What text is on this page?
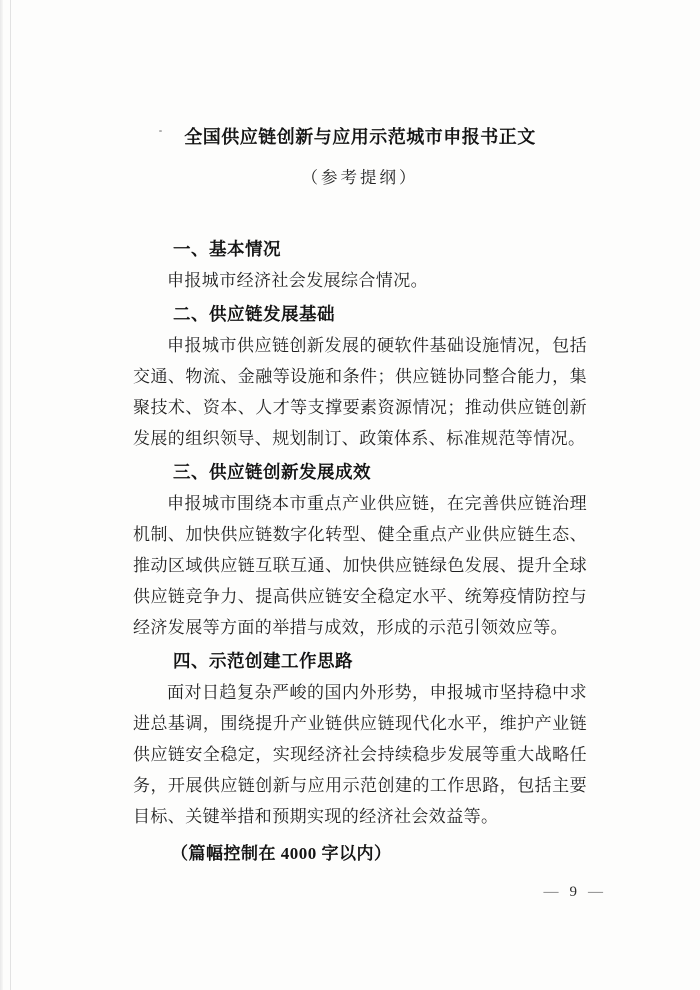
全国供应链创新与应用示范城市申报书正文
（参考提纲）
一、基本情况

申报城市经济社会发展综合情况。

二、供应链发展基础

申报城市供应链创新发展的硬软件基础设施情况，包括交通、物流、金融等设施和条件；供应链协同整合能力，集聚技术、资本、人才等支撑要素资源情况；推动供应链创新发展的组织领导、规划制订、政策体系、标准规范等情况。

三、供应链创新发展成效

申报城市围绕本市重点产业供应链，在完善供应链治理机制、加快供应链数字化转型、健全重点产业供应链生态、推动区域供应链互联互通、加快供应链绿色发展、提升全球供应链竞争力、提高供应链安全稳定水平、统筹疫情防控与经济发展等方面的举措与成效，形成的示范引领效应等。

四、示范创建工作思路

面对日趋复杂严峻的国内外形势，申报城市坚持稳中求进总基调，围绕提升产业链供应链现代化水平，维护产业链供应链安全稳定，实现经济社会持续稳步发展等重大战略任务，开展供应链创新与应用示范创建的工作思路，包括主要目标、关键举措和预期实现的经济社会效益等。

（篇幅控制在 4000 字以内）

— 9 —
